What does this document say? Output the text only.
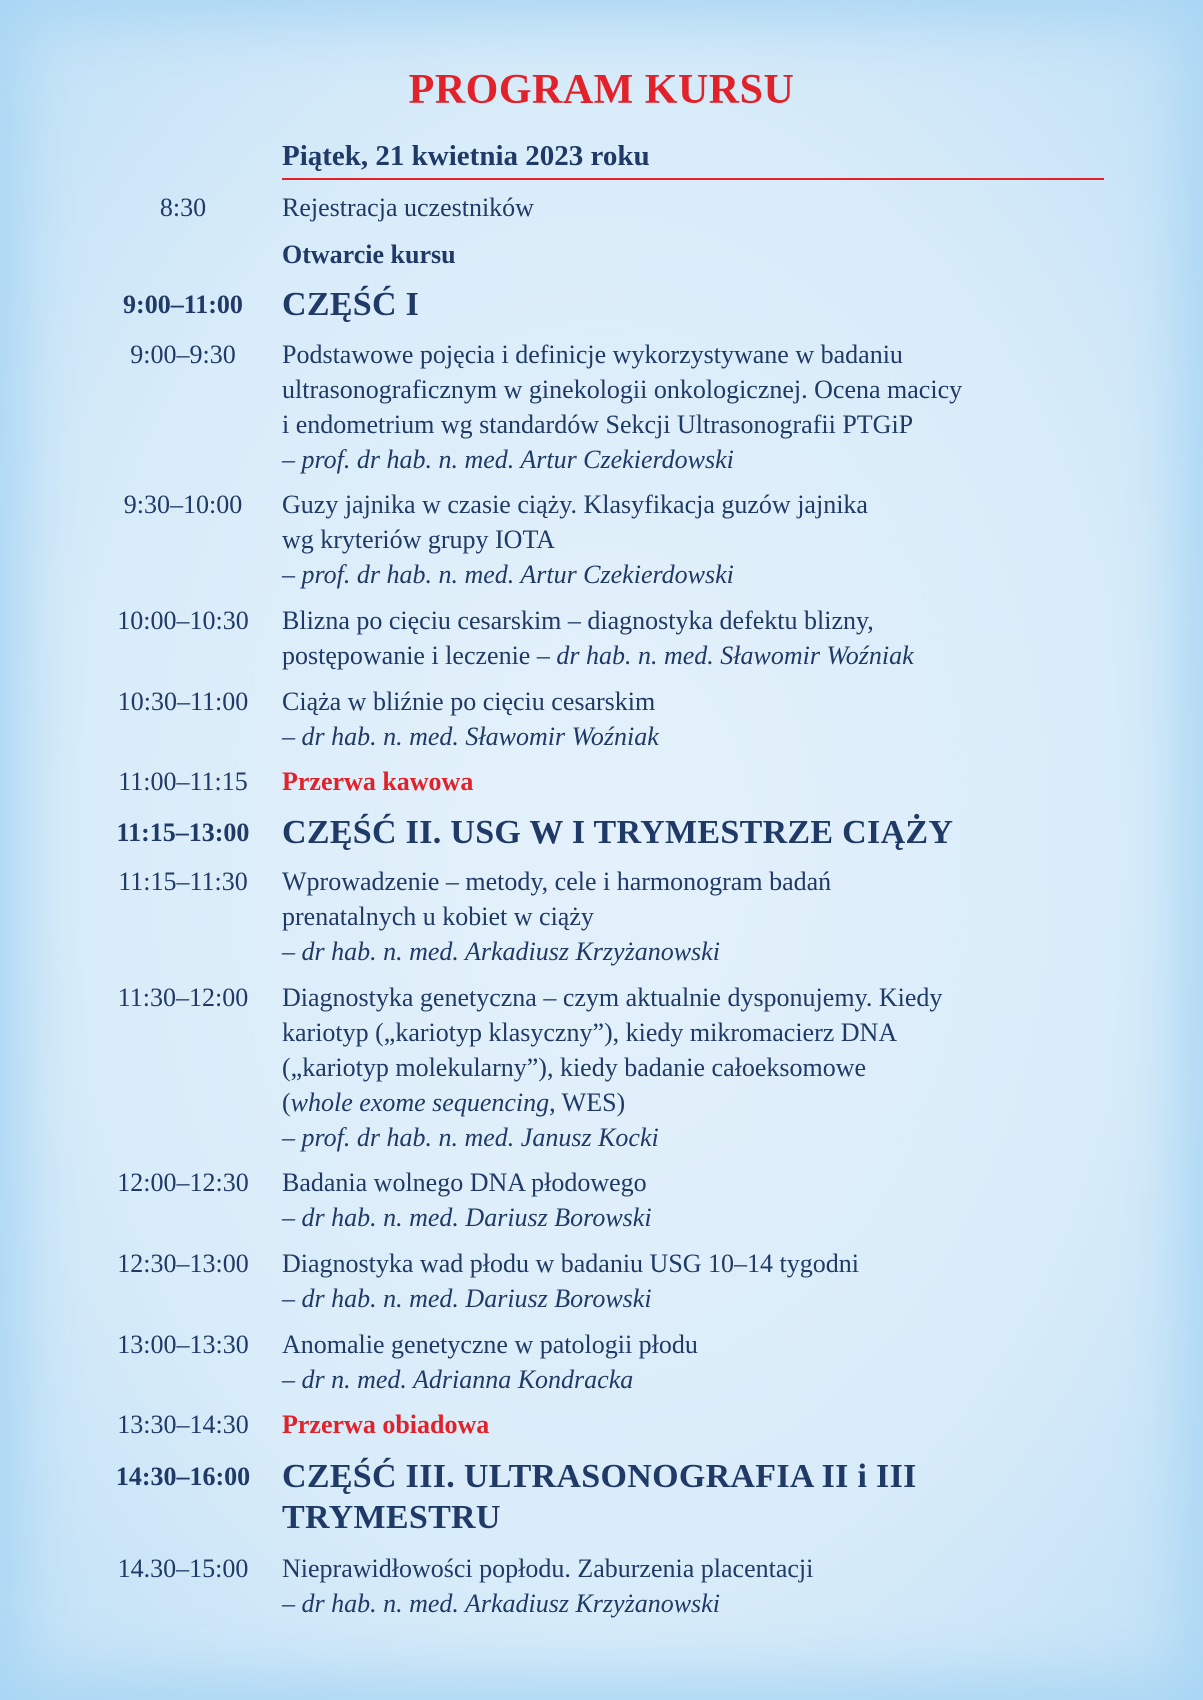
PROGRAM KURSU
Piątek, 21 kwietnia 2023 roku
8:30	Rejestracja uczestników
Otwarcie kursu
9:00–11:00	CZĘŚĆ I
9:00–9:30	Podstawowe pojęcia i definicje wykorzystywane w badaniu
ultrasonograficznym w ginekologii onkologicznej. Ocena macicy
i endometrium wg standardów Sekcji Ultrasonografii PTGiP
– prof. dr hab. n. med. Artur Czekierdowski
9:30–10:00	Guzy jajnika w czasie ciąży. Klasyfikacja guzów jajnika
wg kryteriów grupy IOTA
– prof. dr hab. n. med. Artur Czekierdowski
10:00–10:30	Blizna po cięciu cesarskim – diagnostyka defektu blizny,
postępowanie i leczenie – dr hab. n. med. Sławomir Woźniak
10:30–11:00	Ciąża w bliźnie po cięciu cesarskim
– dr hab. n. med. Sławomir Woźniak
11:00–11:15	Przerwa kawowa
11:15–13:00 CZĘŚĆ II. USG W I TRYMESTRZE CIĄŻY
11:15–11:30	Wprowadzenie – metody, cele i harmonogram badań
prenatalnych u kobiet w ciąży
– dr hab. n. med. Arkadiusz Krzyżanowski
11:30–12:00	Diagnostyka genetyczna – czym aktualnie dysponujemy. Kiedy
kariotyp („kariotyp klasyczny”), kiedy mikromacierz DNA
(„kariotyp molekularny”), kiedy badanie całoeksomowe
(whole exome sequencing, WES)
– prof. dr hab. n. med. Janusz Kocki
12:00–12:30	Badania wolnego DNA płodowego
– dr hab. n. med. Dariusz Borowski
12:30–13:00	Diagnostyka wad płodu w badaniu USG 10–14 tygodni
– dr hab. n. med. Dariusz Borowski
13:00–13:30	Anomalie genetyczne w patologii płodu
– dr n. med. Adrianna Kondracka
13:30–14:30	Przerwa obiadowa
14:30–16:00 CZĘŚĆ III. ULTRASONOGRAFIA II i III
TRYMESTRU
14.30–15:00	Nieprawidłowości popłodu. Zaburzenia placentacji
– dr hab. n. med. Arkadiusz Krzyżanowski
